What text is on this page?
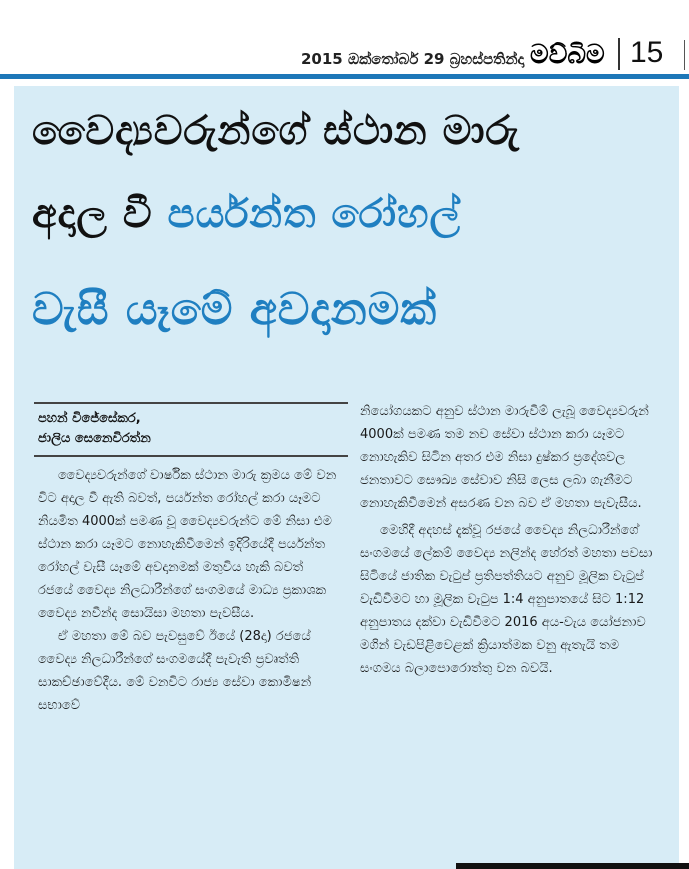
2015 ඔක්තෝබර් 29 බ්‍රහස්පතින්දා මව්බිම 15
වෛද්‍යවරුන්ගේ ස්ථාන මාරු
අදාල වී පර්යන්ත රෝහල්
වැසී යෑමේ අවදානමක්
පහන් විජේසේකර,
ජාලිය සෙනෙවිරත්න

වෛද්‍යවරුන්ගේ වාර්ෂික ස්ථාන මාරු ක්‍රමය මේ වන විට අදාල වී ඇති බවත්, පර්යන්ත රෝහල් කරා යෑමට නියමිත 4000ක් පමණ වූ වෛද්‍යවරුන්ට මේ නිසා එම ස්ථාන කරා යෑමට නොහැකිවීමෙන් ඉදිරියේදී පර්යන්ත රෝහල් වැසී යෑමේ අවදානමක් මතුවිය හැකි බවත් රජයේ වෛද්‍ය නිලධාරීන්ගේ සංගමයේ මාධ්‍ය ප්‍රකාශක වෛද්‍ය නවීන්ද සොයිසා මහතා පැවසීය.

ඒ මහතා මේ බව පැවසුවේ ඊයේ (28දා) රජයේ වෛද්‍ය නිලධාරීන්ගේ සංගමයේදී පැවැති ප්‍රවෘත්ති සාකච්ඡාවේදීය. මේ වනවිට රාජ්‍ය සේවා කොමිෂන් සභාවේ

නියෝගයකට අනුව ස්ථාන මාරුවීම් ලැබූ වෛද්‍යවරුන් 4000ක් පමණ තම නව සේවා ස්ථාන කරා යෑමට නොහැකිව සිටින අතර එම නිසා දුෂ්කර ප්‍රදේශවල ජනතාවට සෞඛ්‍ය සේවාව නිසි ලෙස ලබා ගැනීමට නොහැකිවීමෙන් අසරණ වන බව ඒ මහතා පැවැසීය.

මෙහිදී අදහස් දැක්වූ රජයේ වෛද්‍ය නිලධාරීන්ගේ සංගමයේ ලේකම් වෛද්‍ය නලින්ද හේරත් මහතා පවසා සිටියේ ජාතික වැටුප් ප්‍රතිපත්තියට අනුව මූලික වැටුප් වැඩිවීමට හා මූලික වැටුප 1:4 අනුපාතයේ සිට 1:12 අනුපාතය දක්වා වැඩිවීමට 2016 අය-වැය යෝජනාව මගින් වැඩපිළිවෙළක් ක්‍රියාත්මක වනු ඇතැයි තම සංගමය බලාපොරොත්තු වන බවයි.
